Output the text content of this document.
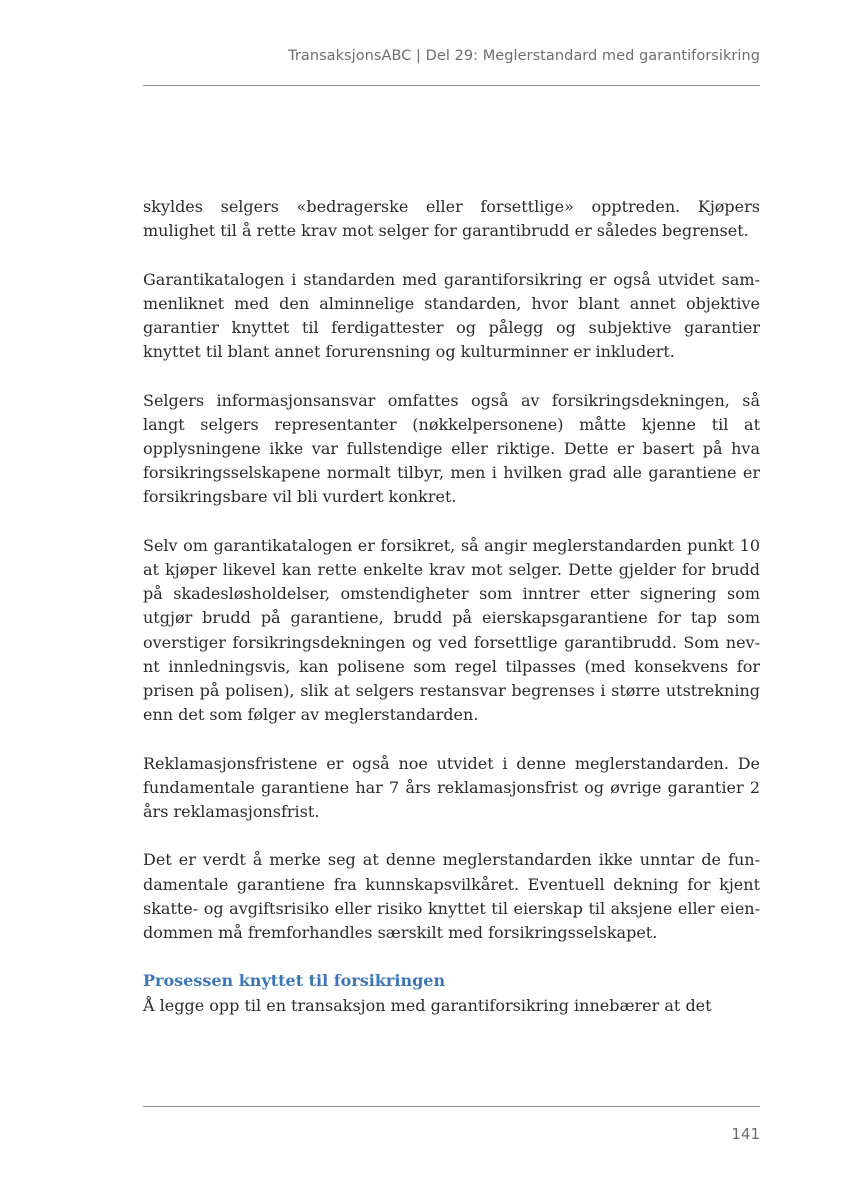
TransaksjonsABC | Del 29: Meglerstandard med garantiforsikring

skyldes selgers «bedragerske eller forsettlige» opptreden. Kjøpers mulighet til å rette krav mot selger for garantibrudd er således begrenset.

Garantikatalogen i standarden med garantiforsikring er også utvidet sammenliknet med den alminnelige standarden, hvor blant annet objektive garantier knyttet til ferdigattester og pålegg og subjektive garantier knyttet til blant annet forurensning og kulturminner er inkludert.

Selgers informasjonsansvar omfattes også av forsikringsdekningen, så langt selgers representanter (nøkkelpersonene) måtte kjenne til at opplysningene ikke var fullstendige eller riktige. Dette er basert på hva forsikringsselskapene normalt tilbyr, men i hvilken grad alle garantiene er forsikringsbare vil bli vurdert konkret.

Selv om garantikatalogen er forsikret, så angir meglerstandarden punkt 10 at kjøper likevel kan rette enkelte krav mot selger. Dette gjelder for brudd på skadesløsholdelser, omstendigheter som inntrer etter signering som utgjør brudd på garantiene, brudd på eierskapsgarantiene for tap som overstiger forsikringsdekningen og ved forsettlige garantibrudd. Som nevnt innledningsvis, kan polisene som regel tilpasses (med konsekvens for prisen på polisen), slik at selgers restansvar begrenses i større utstrekning enn det som følger av meglerstandarden.

Reklamasjonsfristene er også noe utvidet i denne meglerstandarden. De fundamentale garantiene har 7 års reklamasjonsfrist og øvrige garantier 2 års reklamasjonsfrist.

Det er verdt å merke seg at denne meglerstandarden ikke unntar de fundamentale garantiene fra kunnskapsvilkåret. Eventuell dekning for kjent skatte- og avgiftsrisiko eller risiko knyttet til eierskap til aksjene eller eiendommen må fremforhandles særskilt med forsikringsselskapet.

Prosessen knyttet til forsikringen

Å legge opp til en transaksjon med garantiforsikring innebærer at det

141
